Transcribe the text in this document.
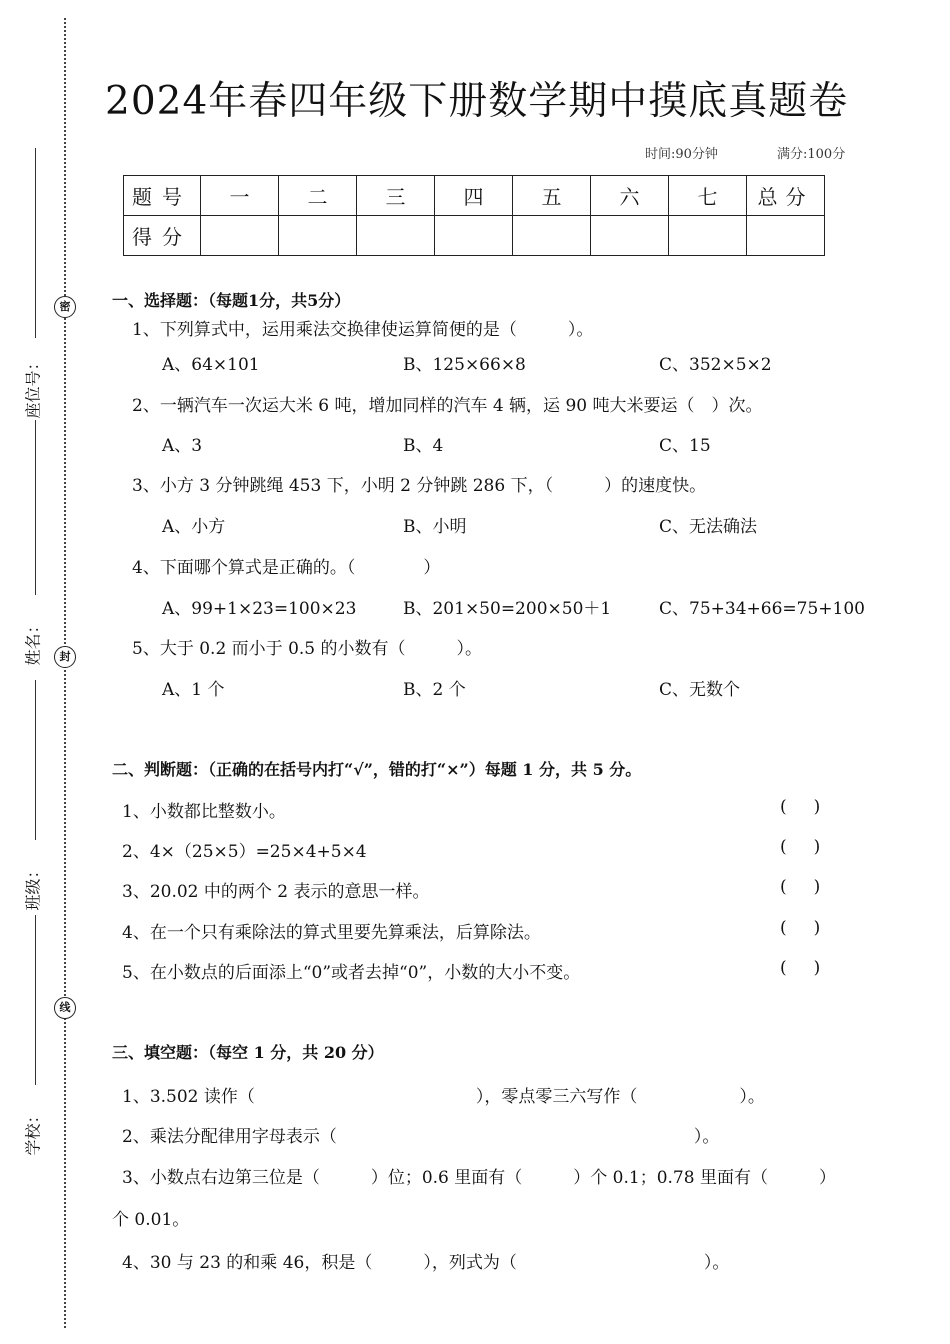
密
封
线
座位号：
姓名：
班级：
学校：
2024年春四年级下册数学期中摸底真题卷
时间:90分钟	满分:100分
题号	一	二	三	四	五	六	七	总分
得分								
一、选择题：（每题1分，共5分）
1、下列算式中，运用乘法交换律使运算简便的是（　　　）。
A、64×101	B、125×66×8	C、352×5×2
2、一辆汽车一次运大米 6 吨，增加同样的汽车 4 辆，运 90 吨大米要运（　）次。
A、3	B、4	C、15
3、小方 3 分钟跳绳 453 下，小明 2 分钟跳 286 下，（　　　）的速度快。
A、小方	B、小明	C、无法确法
4、下面哪个算式是正确的。（　　　　）
A、99+1×23=100×23	B、201×50=200×50＋1	C、75+34+66=75+100
5、大于 0.2 而小于 0.5 的小数有（　　　）。
A、1 个	B、2 个	C、无数个
二、判断题：（正确的在括号内打“√”，错的打“×”）每题 1 分，共 5 分。
1、小数都比整数小。	(     )
2、4×（25×5）=25×4+5×4	(     )
3、20.02 中的两个 2 表示的意思一样。	(     )
4、在一个只有乘除法的算式里要先算乘法，后算除法。	(     )
5、在小数点的后面添上“0”或者去掉“0”，小数的大小不变。	(     )
三、填空题：（每空 1 分，共 20 分）
1、3.502 读作（　　　　　　　　　　　　　），零点零三六写作（　　　　　　）。
2、乘法分配律用字母表示（　　　　　　　　　　　　　　　　　　　　　）。
3、小数点右边第三位是（　　　）位；0.6 里面有（　　　）个 0.1；0.78 里面有（　　　）
个 0.01。
4、30 与 23 的和乘 46，积是（　　　），列式为（　　　　　　　　　　　）。
